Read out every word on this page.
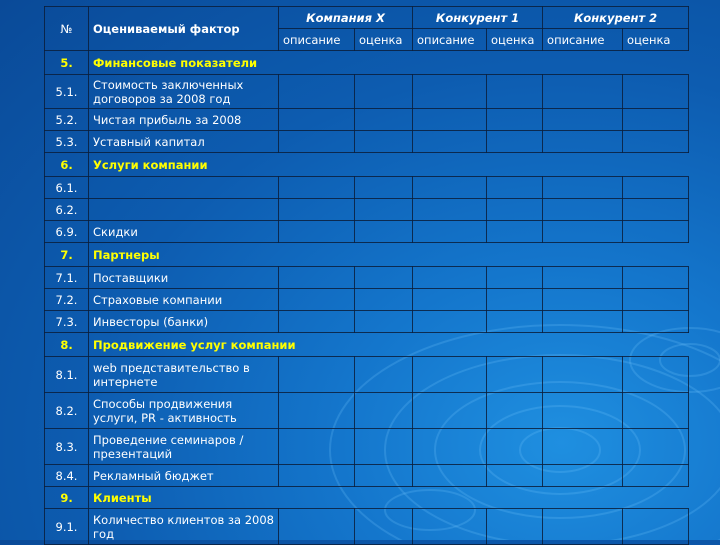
№	Оцениваемый фактор	Компания X		Конкурент 1		Конкурент 2	
		описание	оценка	описание	оценка	описание	оценка
5.	Финансовые показатели						
5.1.	Стоимость заключенных договоров за 2008 год						
5.2.	Чистая прибыль за 2008						
5.3.	Уставный капитал						
6.	Услуги компании						
6.1.							
6.2.							
6.9.	Скидки						
7.	Партнеры						
7.1.	Поставщики						
7.2.	Страховые компании						
7.3.	Инвесторы (банки)						
8.	Продвижение услуг компании						
8.1.	web представительство в интернете						
8.2.	Способы продвижения услуги, PR - активность						
8.3.	Проведение семинаров / презентаций						
8.4.	Рекламный бюджет						
9.	Клиенты						
9.1.	Количество клиентов за 2008 год						
